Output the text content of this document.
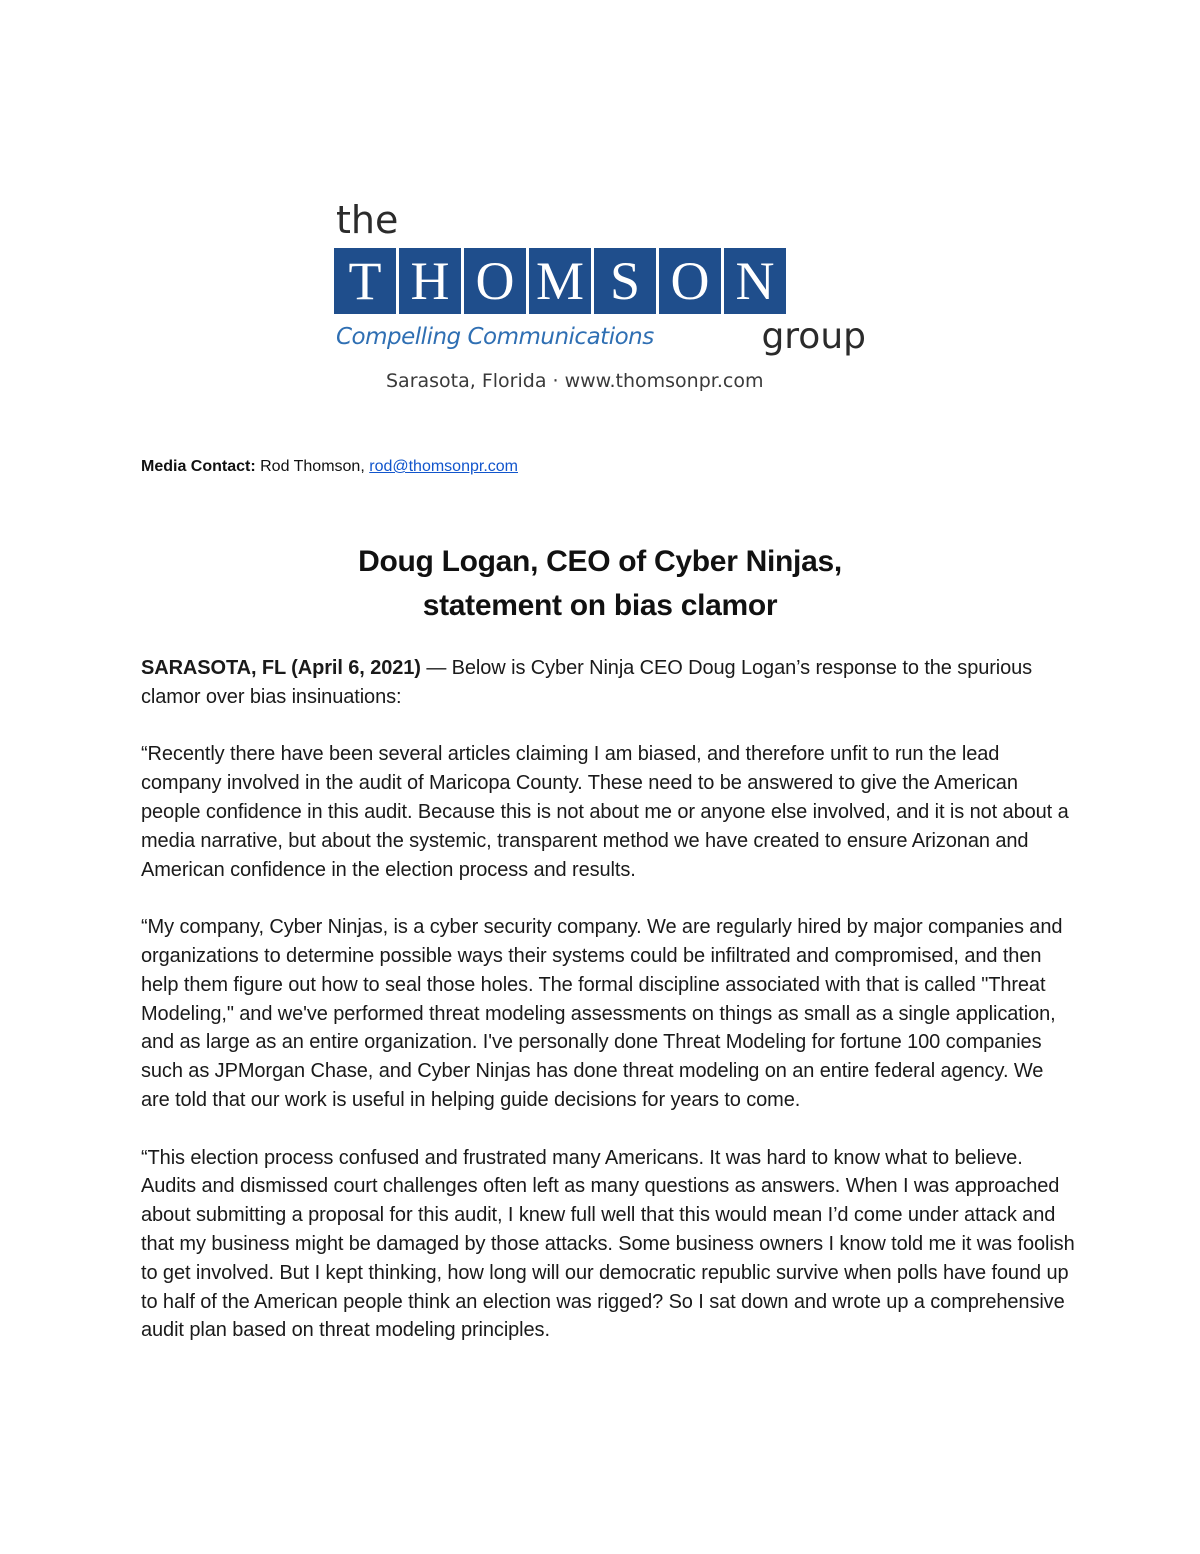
the
T H O M S O N
Compelling Communications	group
Sarasota, Florida · www.thomsonpr.com
Media Contact: Rod Thomson, rod@thomsonpr.com
Doug Logan, CEO of Cyber Ninjas,
statement on bias clamor

SARASOTA, FL (April 6, 2021) — Below is Cyber Ninja CEO Doug Logan’s response to the spurious clamor over bias insinuations:

“Recently there have been several articles claiming I am biased, and therefore unfit to run the lead company involved in the audit of Maricopa County. These need to be answered to give the American people confidence in this audit. Because this is not about me or anyone else involved, and it is not about a media narrative, but about the systemic, transparent method we have created to ensure Arizonan and American confidence in the election process and results.

“My company, Cyber Ninjas, is a cyber security company. We are regularly hired by major companies and organizations to determine possible ways their systems could be infiltrated and compromised, and then help them figure out how to seal those holes. The formal discipline associated with that is called "Threat Modeling," and we've performed threat modeling assessments on things as small as a single application, and as large as an entire organization. I've personally done Threat Modeling for fortune 100 companies such as JPMorgan Chase, and Cyber Ninjas has done threat modeling on an entire federal agency. We are told that our work is useful in helping guide decisions for years to come.

“This election process confused and frustrated many Americans. It was hard to know what to believe. Audits and dismissed court challenges often left as many questions as answers. When I was approached about submitting a proposal for this audit, I knew full well that this would mean I’d come under attack and that my business might be damaged by those attacks. Some business owners I know told me it was foolish to get involved. But I kept thinking, how long will our democratic republic survive when polls have found up to half of the American people think an election was rigged? So I sat down and wrote up a comprehensive audit plan based on threat modeling principles.
